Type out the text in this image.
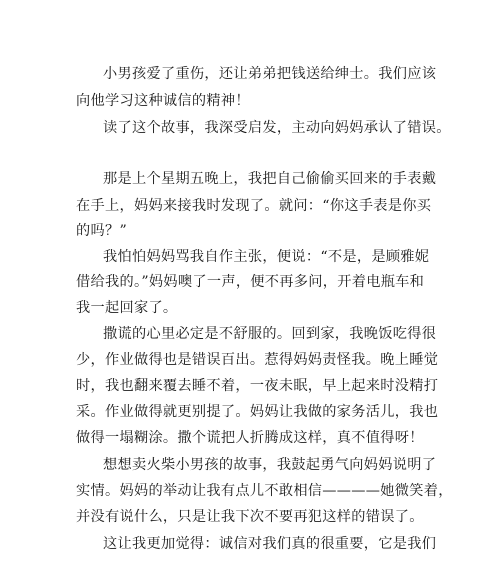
小男孩爱了重伤，还让弟弟把钱送给绅士。我们应该
向他学习这种诚信的精神！
读了这个故事，我深受启发，主动向妈妈承认了错误。
那是上个星期五晚上，我把自己偷偷买回来的手表戴
在手上，妈妈来接我时发现了。就问：“你这手表是你买
的吗？”
我怕怕妈妈骂我自作主张，便说：“不是，是顾雅妮
借给我的。”妈妈噢了一声，便不再多问，开着电瓶车和
我一起回家了。
撒谎的心里必定是不舒服的。回到家，我晚饭吃得很
少，作业做得也是错误百出。惹得妈妈责怪我。晚上睡觉
时，我也翻来覆去睡不着，一夜未眠，早上起来时没精打
采。作业做得就更别提了。妈妈让我做的家务活儿，我也
做得一塌糊涂。撒个谎把人折腾成这样，真不值得呀！
想想卖火柴小男孩的故事，我鼓起勇气向妈妈说明了
实情。妈妈的举动让我有点儿不敢相信————她微笑着，
并没有说什么，只是让我下次不要再犯这样的错误了。
这让我更加觉得：诚信对我们真的很重要，它是我们
